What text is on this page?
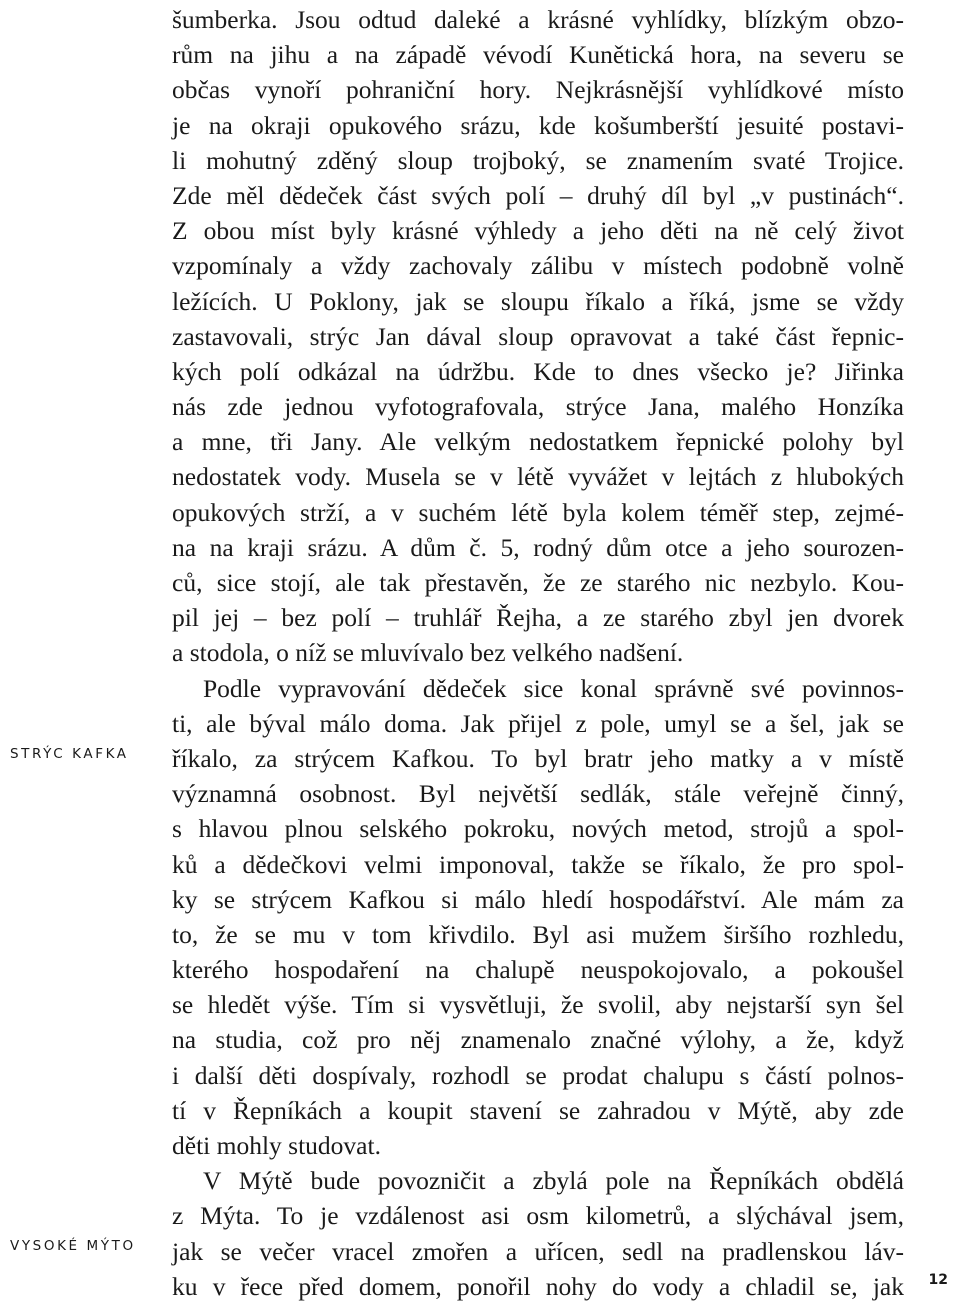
STRÝC KAFKA
VYSOKÉ MÝTO
šumberka. Jsou odtud daleké a krásné vyhlídky, blízkým obzo-
rům na jihu a na západě vévodí Kunětická hora, na severu se
občas vynoří pohraniční hory. Nejkrásnější vyhlídkové místo
je na okraji opukového srázu, kde košumberští jesuité postavi-
li mohutný zděný sloup trojboký, se znamením svaté Trojice.
Zde měl dědeček část svých polí – druhý díl byl „v pustinách“.
Z obou míst byly krásné výhledy a jeho děti na ně celý život
vzpomínaly a vždy zachovaly zálibu v místech podobně volně
ležících. U Poklony, jak se sloupu říkalo a říká, jsme se vždy
zastavovali, strýc Jan dával sloup opravovat a také část řepnic-
kých polí odkázal na údržbu. Kde to dnes všecko je? Jiřinka
nás zde jednou vyfotografovala, strýce Jana, malého Honzíka
a mne, tři Jany. Ale velkým nedostatkem řepnické polohy byl
nedostatek vody. Musela se v létě vyvážet v lejtách z hlubokých
opukových strží, a v suchém létě byla kolem téměř step, zejmé-
na na kraji srázu. A dům č. 5, rodný dům otce a jeho sourozen-
ců, sice stojí, ale tak přestavěn, že ze starého nic nezbylo. Kou-
pil jej – bez polí – truhlář Řejha, a ze starého zbyl jen dvorek
a stodola, o níž se mluvívalo bez velkého nadšení.
Podle vypravování dědeček sice konal správně své povinnos-
ti, ale býval málo doma. Jak přijel z pole, umyl se a šel, jak se
říkalo, za strýcem Kafkou. To byl bratr jeho matky a v místě
významná osobnost. Byl největší sedlák, stále veřejně činný,
s hlavou plnou selského pokroku, nových metod, strojů a spol-
ků a dědečkovi velmi imponoval, takže se říkalo, že pro spol-
ky se strýcem Kafkou si málo hledí hospodářství. Ale mám za
to, že se mu v tom křivdilo. Byl asi mužem širšího rozhledu,
kterého hospodaření na chalupě neuspokojovalo, a pokoušel
se hledět výše. Tím si vysvětluji, že svolil, aby nejstarší syn šel
na studia, což pro něj znamenalo značné výlohy, a že, když
i další děti dospívaly, rozhodl se prodat chalupu s částí polnos-
tí v Řepníkách a koupit stavení se zahradou v Mýtě, aby zde
děti mohly studovat.
V Mýtě bude povozničit a zbylá pole na Řepníkách obdělá
z Mýta. To je vzdálenost asi osm kilometrů, a slýchával jsem,
jak se večer vracel zmořen a uřícen, sedl na pradlenskou láv-
ku v řece před domem, ponořil nohy do vody a chladil se, jak 12
